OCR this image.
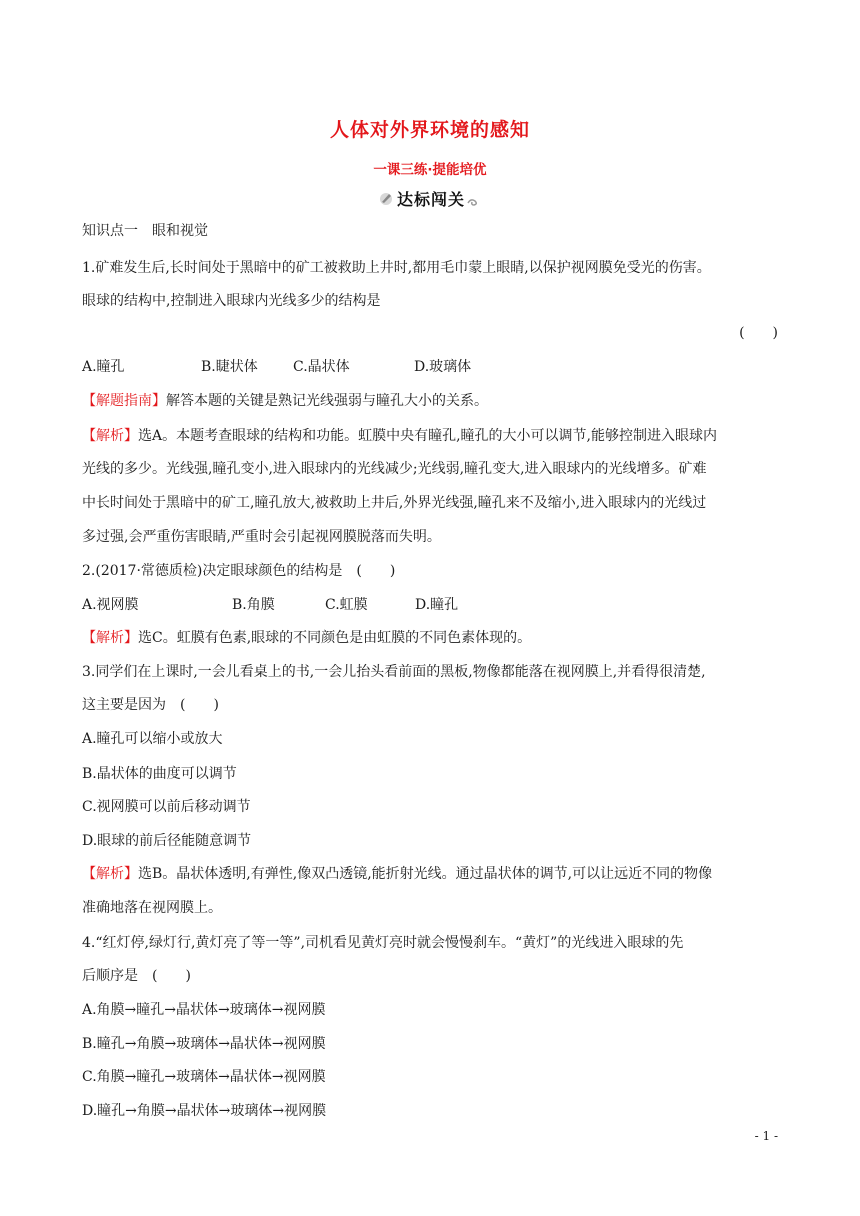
人体对外界环境的感知
一课三练·提能培优
达标闯关
知识点一　眼和视觉
1.矿难发生后,长时间处于黑暗中的矿工被救助上井时,都用毛巾蒙上眼睛,以保护视网膜免受光的伤害。
眼球的结构中,控制进入眼球内光线多少的结构是
(　　)
A.瞳孔	B.睫状体	C.晶状体	D.玻璃体
【解题指南】解答本题的关键是熟记光线强弱与瞳孔大小的关系。
【解析】选A。本题考查眼球的结构和功能。虹膜中央有瞳孔,瞳孔的大小可以调节,能够控制进入眼球内
光线的多少。光线强,瞳孔变小,进入眼球内的光线减少;光线弱,瞳孔变大,进入眼球内的光线增多。矿难
中长时间处于黑暗中的矿工,瞳孔放大,被救助上井后,外界光线强,瞳孔来不及缩小,进入眼球内的光线过
多过强,会严重伤害眼睛,严重时会引起视网膜脱落而失明。
2.(2017·常德质检)决定眼球颜色的结构是　(　　)
A.视网膜	B.角膜	C.虹膜	D.瞳孔
【解析】选C。虹膜有色素,眼球的不同颜色是由虹膜的不同色素体现的。
3.同学们在上课时,一会儿看桌上的书,一会儿抬头看前面的黑板,物像都能落在视网膜上,并看得很清楚,
这主要是因为　(　　)
A.瞳孔可以缩小或放大
B.晶状体的曲度可以调节
C.视网膜可以前后移动调节
D.眼球的前后径能随意调节
【解析】选B。晶状体透明,有弹性,像双凸透镜,能折射光线。通过晶状体的调节,可以让远近不同的物像
准确地落在视网膜上。
4.“红灯停,绿灯行,黄灯亮了等一等”,司机看见黄灯亮时就会慢慢刹车。“黄灯”的光线进入眼球的先
后顺序是　(　　)
A.角膜→瞳孔→晶状体→玻璃体→视网膜
B.瞳孔→角膜→玻璃体→晶状体→视网膜
C.角膜→瞳孔→玻璃体→晶状体→视网膜
D.瞳孔→角膜→晶状体→玻璃体→视网膜
- 1 -
